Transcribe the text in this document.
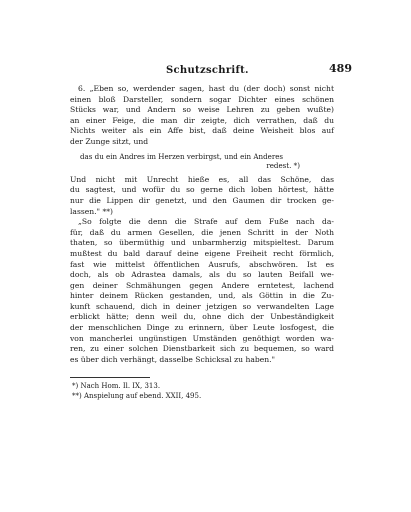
Schutzschrift.	489
6. „Eben so, werdender sagen, hast du (der doch) sonst nicht
einen bloß Darsteller, sondern sogar Dichter eines schönen
Stücks war, und Andern so weise Lehren zu geben wußte)
an einer Feige, die man dir zeigte, dich verrathen, daß du
Nichts weiter als ein Affe bist, daß deine Weisheit blos auf
der Zunge sitzt, und
das du ein Andres im Herzen verbirgst, und ein Anderes
redest. *)
Und nicht mit Unrecht hieße es, all das Schöne, das
du sagtest, und wofür du so gerne dich loben hörtest, hätte
nur die Lippen dir genetzt, und den Gaumen dir trocken ge-
lassen." **)
„So folgte die denn die Strafe auf dem Fuße nach da-
für, daß du armen Gesellen, die jenen Schritt in der Noth
thaten, so übermüthig und unbarmherzig mitspieltest. Darum
mußtest du bald darauf deine eigene Freiheit recht förmlich,
fast wie mittelst öffentlichen Ausrufs, abschwören. Ist es
doch, als ob Adrastea damals, als du so lauten Beifall we-
gen deiner Schmähungen gegen Andere erntetest, lachend
hinter deinem Rücken gestanden, und, als Göttin in die Zu-
kunft schauend, dich in deiner jetzigen so verwandelten Lage
erblickt hätte; denn weil du, ohne dich der Unbeständigkeit
der menschlichen Dinge zu erinnern, über Leute losfogest, die
von mancherlei ungünstigen Umständen genöthigt worden wa-
ren, zu einer solchen Dienstbarkeit sich zu bequemen, so ward
es über dich verhängt, dasselbe Schicksal zu haben."
*) Nach Hom. Il. IX, 313.
**) Anspielung auf ebend. XXII, 495.
